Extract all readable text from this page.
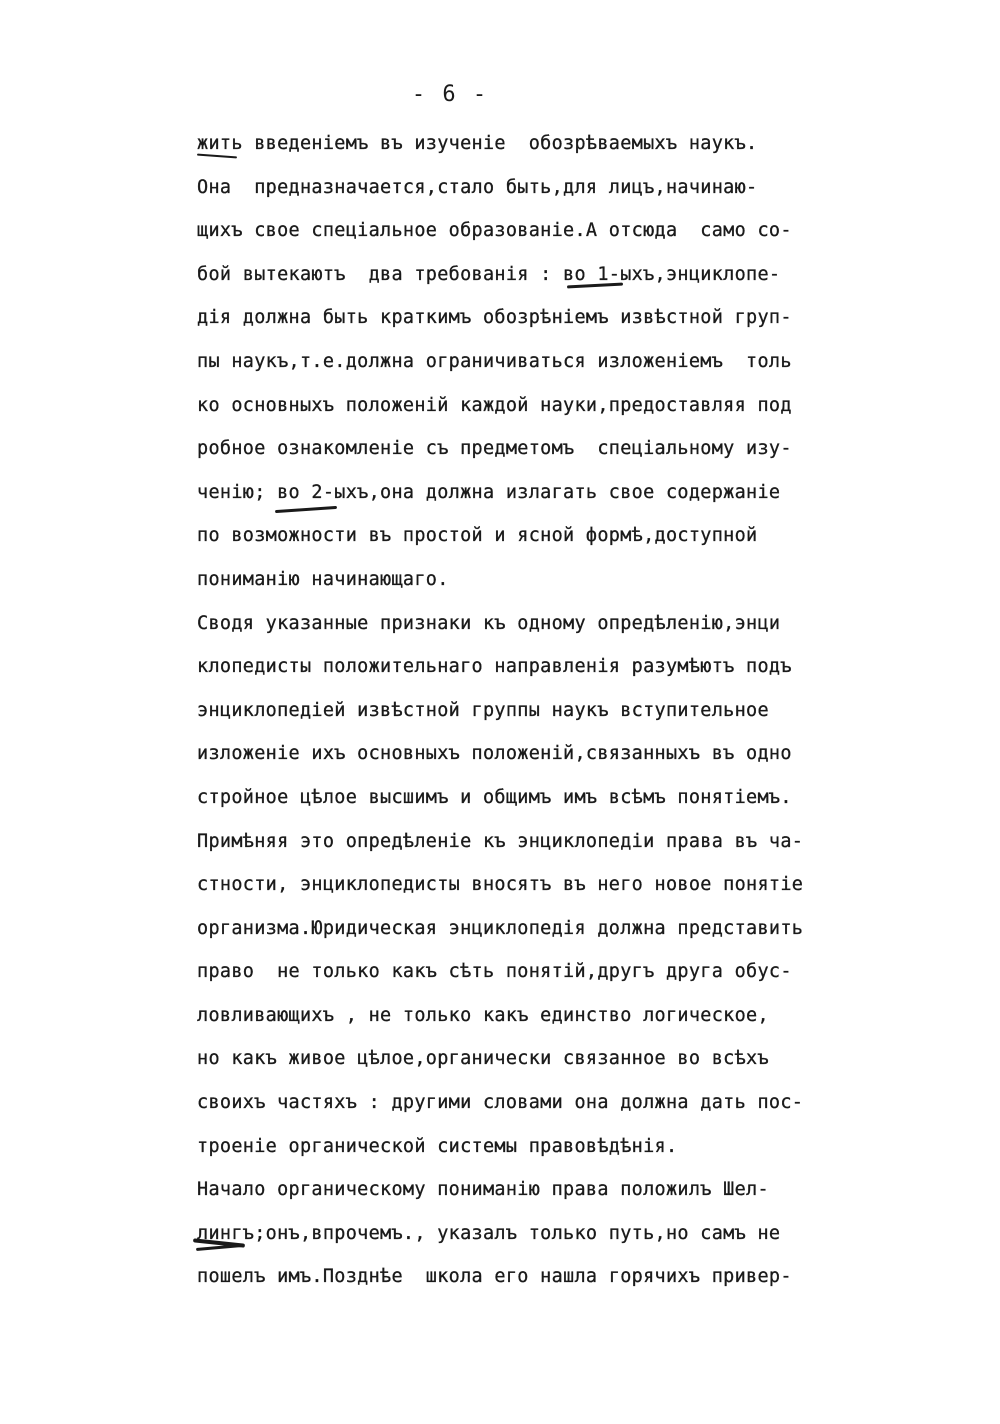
- 6 -
жить введеніемъ въ изученіе  обозрѣваемыхъ наукъ.
Она  предназначается,стало быть,для лицъ,начинаю-
щихъ свое спеціальное образованіе.А отсюда  само со-
бой вытекаютъ  два требованія : во 1-ыхъ,энциклопе-
дія должна быть краткимъ обозрѣніемъ извѣстной груп-
пы наукъ,т.е.должна ограничиваться изложеніемъ  толь
ко основныхъ положеній каждой науки,предоставляя под
робное ознакомленіе съ предметомъ  спеціальному изу-
ченію; во 2-ыхъ,она должна излагать свое содержаніе
по возможности въ простой и ясной формѣ,доступной
пониманію начинающаго.
Сводя указанные признаки къ одному опредѣленію,энци
клопедисты положительнаго направленія разумѣютъ подъ
энциклопедіей извѣстной группы наукъ вступительное
изложеніе ихъ основныхъ положеній,связанныхъ въ одно
стройное цѣлое высшимъ и общимъ имъ всѣмъ понятіемъ.
Примѣняя это опредѣленіе къ энциклопедіи права въ ча-
стности, энциклопедисты вносятъ въ него новое понятіе
организма.Юридическая энциклопедія должна представить
право  не только какъ сѣть понятій,другъ друга обус-
ловливающихъ , не только какъ единство логическое,
но какъ живое цѣлое,органически связанное во всѣхъ
своихъ частяхъ : другими словами она должна дать пос-
троеніе органической системы правовѣдѣнія.
Начало органическому пониманію права положилъ Шел-
лингъ;онъ,впрочемъ., указалъ только путь,но самъ не
пошелъ имъ.Позднѣе  школа его нашла горячихъ привер-
